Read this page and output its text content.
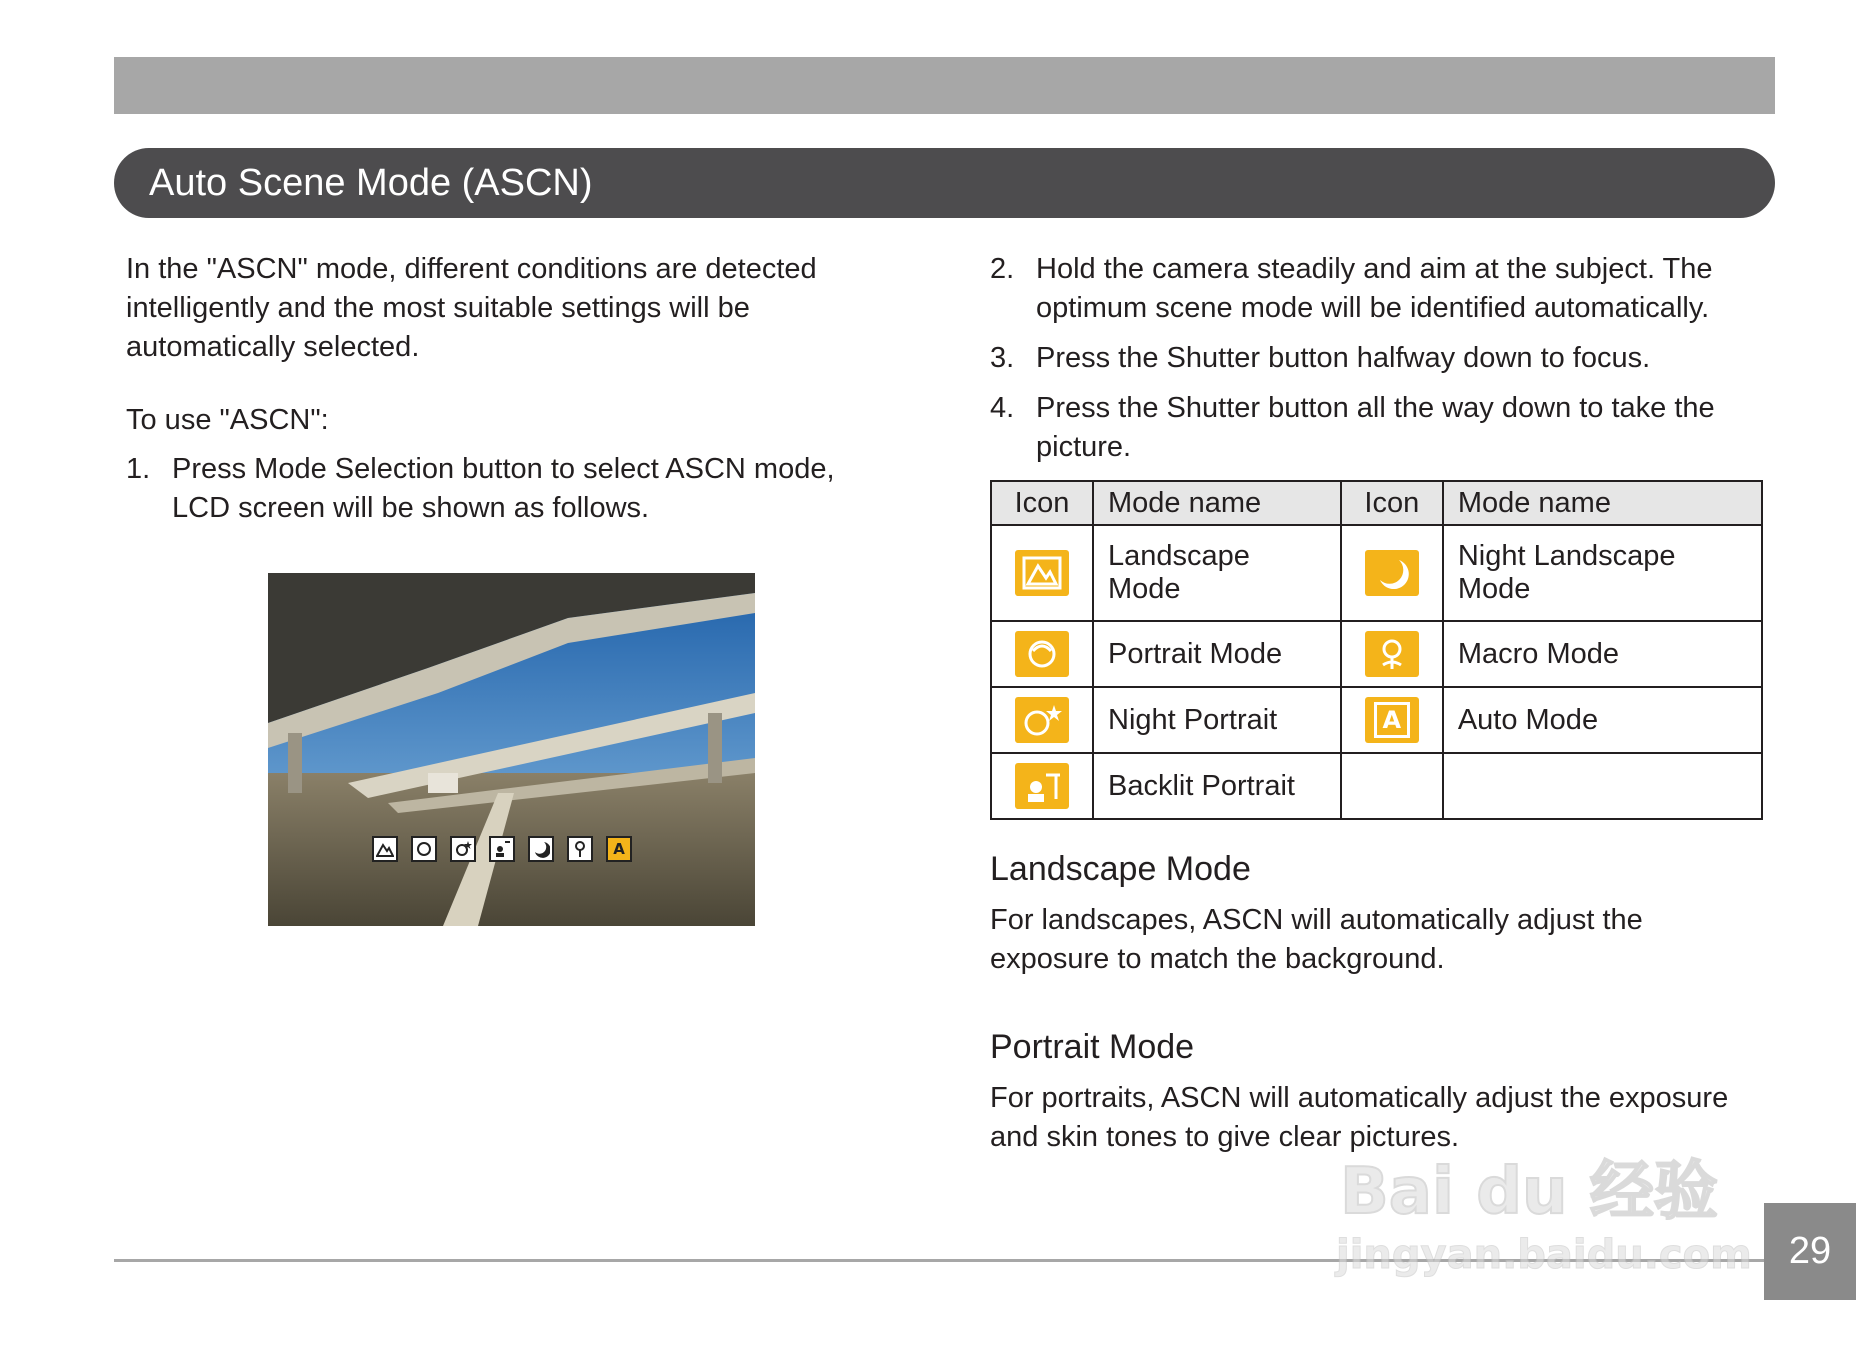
Auto Scene Mode (ASCN)

In the "ASCN" mode, different conditions are detected intelligently and the most suitable settings will be automatically selected.

To use "ASCN":

1. Press Mode Selection button to select ASCN mode, LCD screen will be shown as follows.
A
2. Hold the camera steadily and aim at the subject. The optimum scene mode will be identified automatically.
3. Press the Shutter button halfway down to focus.
4. Press the Shutter button all the way down to take the picture.
Icon	Mode name	Icon	Mode name

	Landscape Mode		Night Landscape Mode

	Portrait Mode		Macro Mode

	Night Portrait	A	Auto Mode

	Backlit Portrait		
Landscape Mode

For landscapes, ASCN will automatically adjust the exposure to match the background.

Portrait Mode

For portraits, ASCN will automatically adjust the exposure and skin tones to give clear pictures.

29
Bai du 经验
jingyan.baidu.com
